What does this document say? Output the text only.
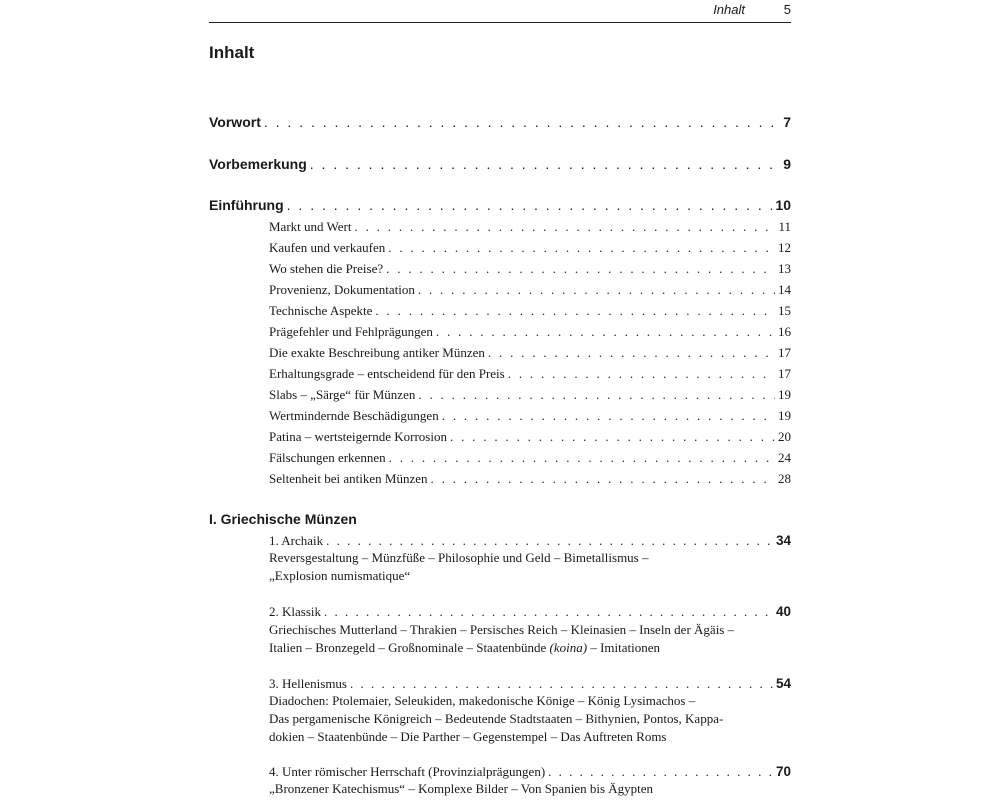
Inhalt	5
Inhalt
Vorwort . . .	7
Vorbemerkung . . .	9
Einführung . . .	10
Markt und Wert . . .	11
Kaufen und verkaufen . . .	12
Wo stehen die Preise? . . .	13
Provenienz, Dokumentation . . .	14
Technische Aspekte . . .	15
Prägefehler und Fehlprägungen . . .	16
Die exakte Beschreibung antiker Münzen . . .	17
Erhaltungsgrade – entscheidend für den Preis . . .	17
Slabs – „Särge“ für Münzen . . .	19
Wertmindernde Beschädigungen . . .	19
Patina – wertsteigernde Korrosion . . .	20
Fälschungen erkennen . . .	24
Seltenheit bei antiken Münzen . . .	28
I. Griechische Münzen
1. Archaik . . .	34
Reversgestaltung – Münzfüße – Philosophie und Geld – Bimetallismus –
„Explosion numismatique“
2. Klassik . . .	40
Griechisches Mutterland – Thrakien – Persisches Reich – Kleinasien – Inseln der Ägäis –
Italien – Bronzegeld – Großnominale – Staatenbünde (koina) – Imitationen
3. Hellenismus . . .	54
Diadochen: Ptolemaier, Seleukiden, makedonische Könige – König Lysimachos –
Das pergamenische Königreich – Bedeutende Stadtstaaten – Bithynien, Pontos, Kappa-
dokien – Staatenbünde – Die Parther – Gegenstempel – Das Auftreten Roms
4. Unter römischer Herrschaft (Provinzialprägungen) . . .	70
„Bronzener Katechismus“ – Komplexe Bilder – Von Spanien bis Ägypten
